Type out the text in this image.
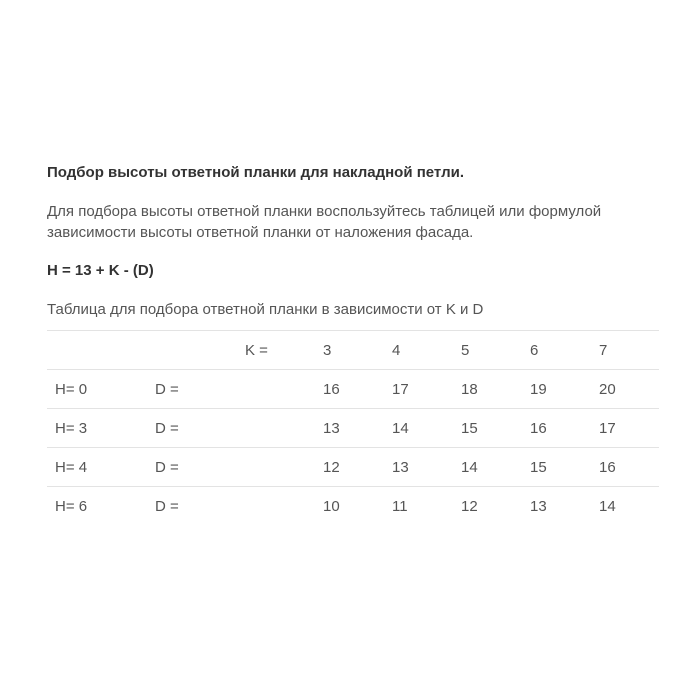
Подбор высоты ответной планки для накладной петли.
Для подбора высоты ответной планки воспользуйтесь таблицей или формулой зависимости высоты ответной планки от наложения фасада.
H = 13 + K - (D)
Таблица для подбора ответной планки в зависимости от K и D
		K =	3	4	5	6	7
H= 0	D =		16	17	18	19	20
H= 3	D =		13	14	15	16	17
H= 4	D =		12	13	14	15	16
H= 6	D =		10	11	12	13	14
